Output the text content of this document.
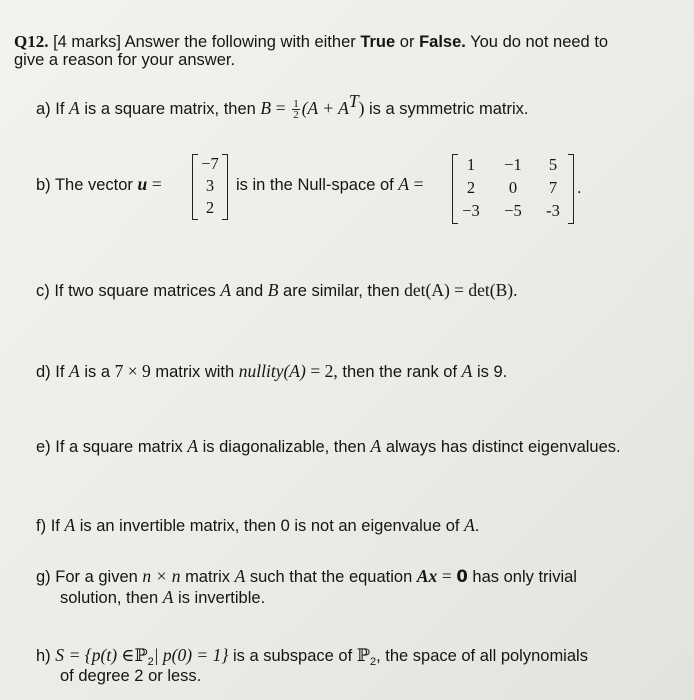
Q12. [4 marks] Answer the following with either True or False. You do not need to
give a reason for your answer.
a) If A is a square matrix, then $B = \frac{1}{2} (A + A^T)$ is a symmetric matrix.
b) The vector u =
−7
3
2
is in the Null-space of A =
1	−1	5
2	0	7
−3	−5	-3
.
c) If two square matrices A and B are similar, then det(A) = det(B).
d) If A is a 7 × 9 matrix with nullity(A) = 2, then the rank of A is 9.
e) If a square matrix A is diagonalizable, then A always has distinct eigenvalues.
f) If A is an invertible matrix, then 0 is not an eigenvalue of A.
g) For a given n × n matrix A such that the equation Ax = 0 has only trivial
solution, then A is invertible.
h) S = {p(t) ∈ℙ$_2$| p(0) = 1} is a subspace of ℙ$_2$, the space of all polynomials
of degree 2 or less.
